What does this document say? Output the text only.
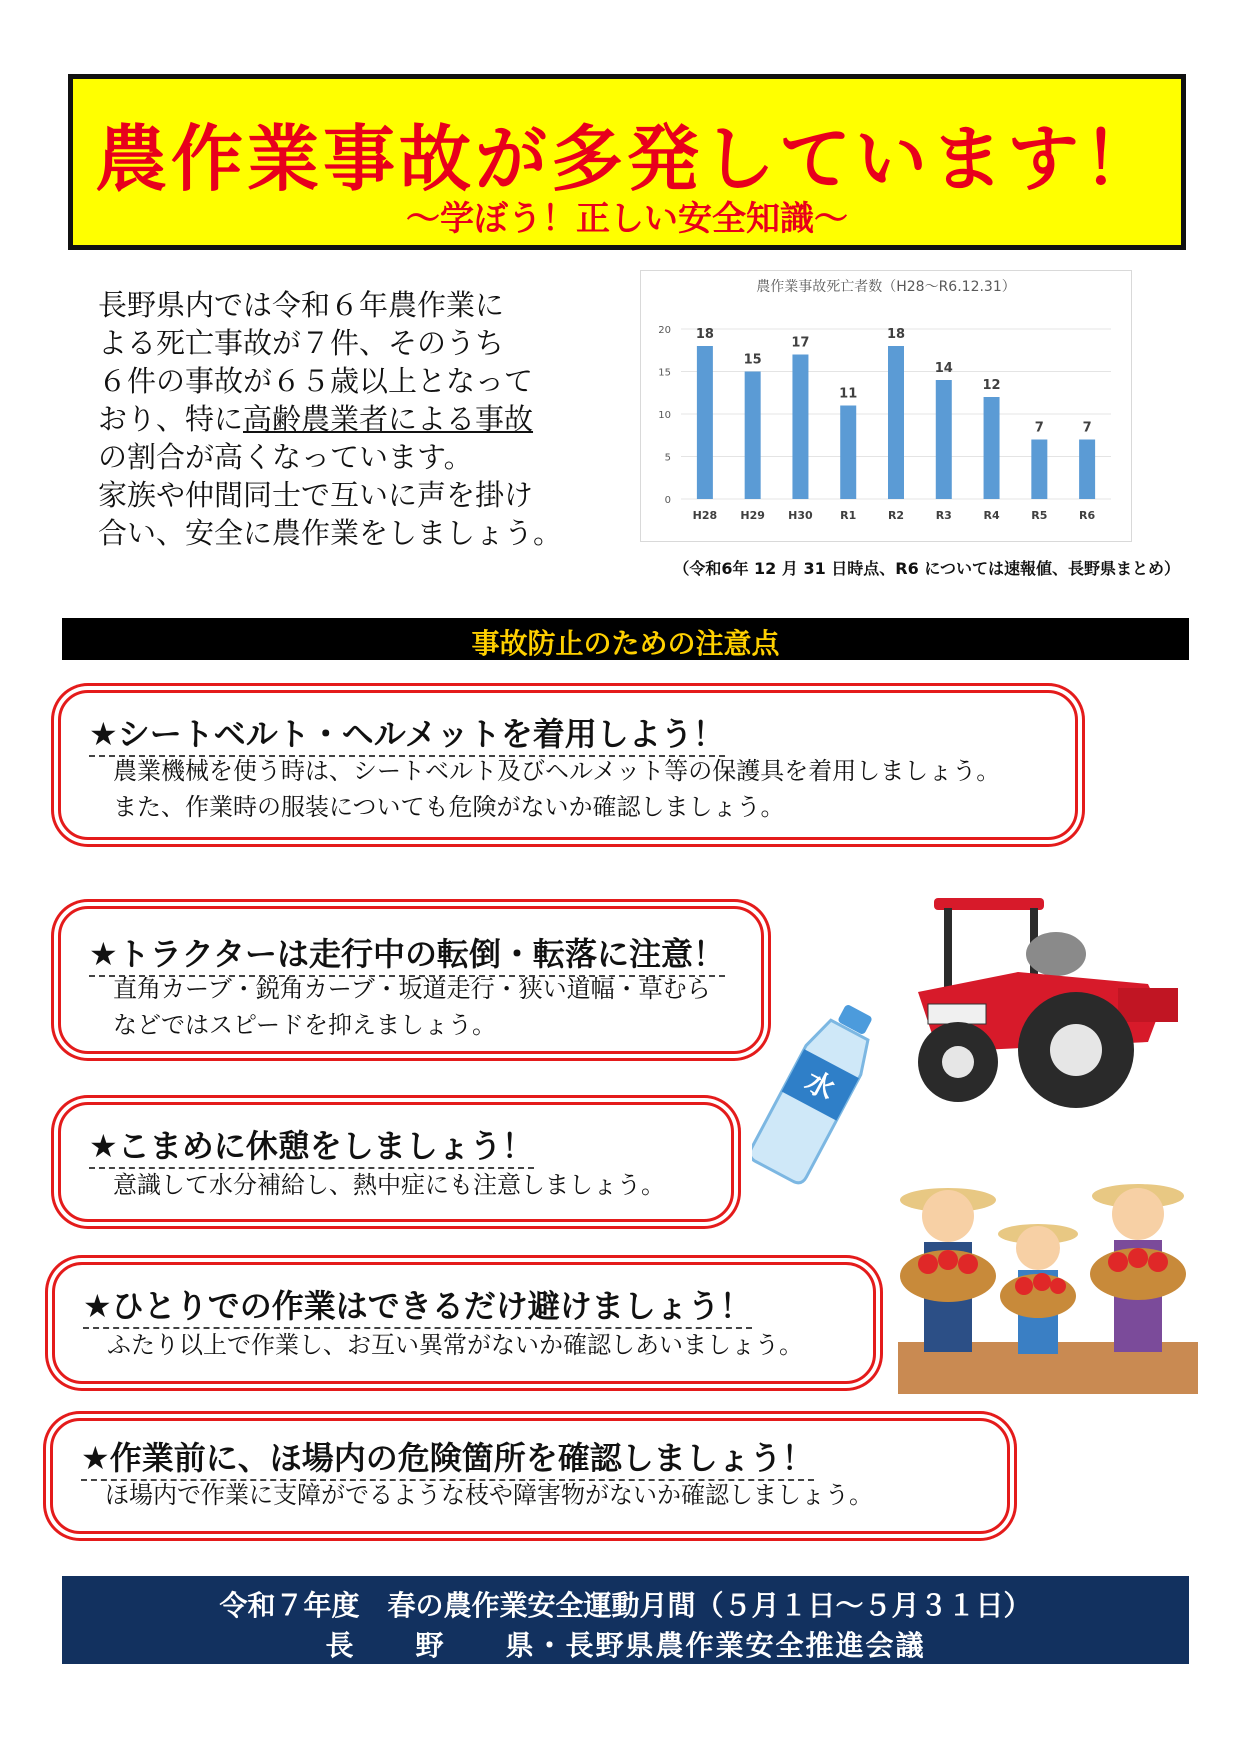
農作業事故が多発しています！
～学ぼう！正しい安全知識～

長野県内では令和６年農作業に

よる死亡事故が７件、そのうち

６件の事故が６５歳以上となって

おり、特に高齢農業者による事故

の割合が高くなっています。

家族や仲間同士で互いに声を掛け

合い、安全に農作業をしましょう。

農作業事故死亡者数（H28～R6.12.31）
0
5
10
15
20 18
H28
15
H29
17
H30
11
R1
18
R2
14
R3
12
R4
7
R5
7
R6
（令和6年 12 月 31 日時点、R6 については速報値、長野県まとめ）
事故防止のための注意点
★シートベルト・ヘルメットを着用しよう！
農業機械を使う時は、シートベルト及びヘルメット等の保護具を着用しましょう。
また、作業時の服装についても危険がないか確認しましょう。
★トラクターは走行中の転倒・転落に注意！
直角カーブ・鋭角カーブ・坂道走行・狭い道幅・草むら
などではスピードを抑えましょう。
★こまめに休憩をしましょう！
意識して水分補給し、熱中症にも注意しましょう。
★ひとりでの作業はできるだけ避けましょう！
ふたり以上で作業し、お互い異常がないか確認しあいましょう。
★作業前に、ほ場内の危険箇所を確認しましょう！
ほ場内で作業に支障がでるような枝や障害物がないか確認しましょう。
水
令和７年度　春の農作業安全運動月間（５月１日～５月３１日）
長　　野　　県・長野県農作業安全推進会議
